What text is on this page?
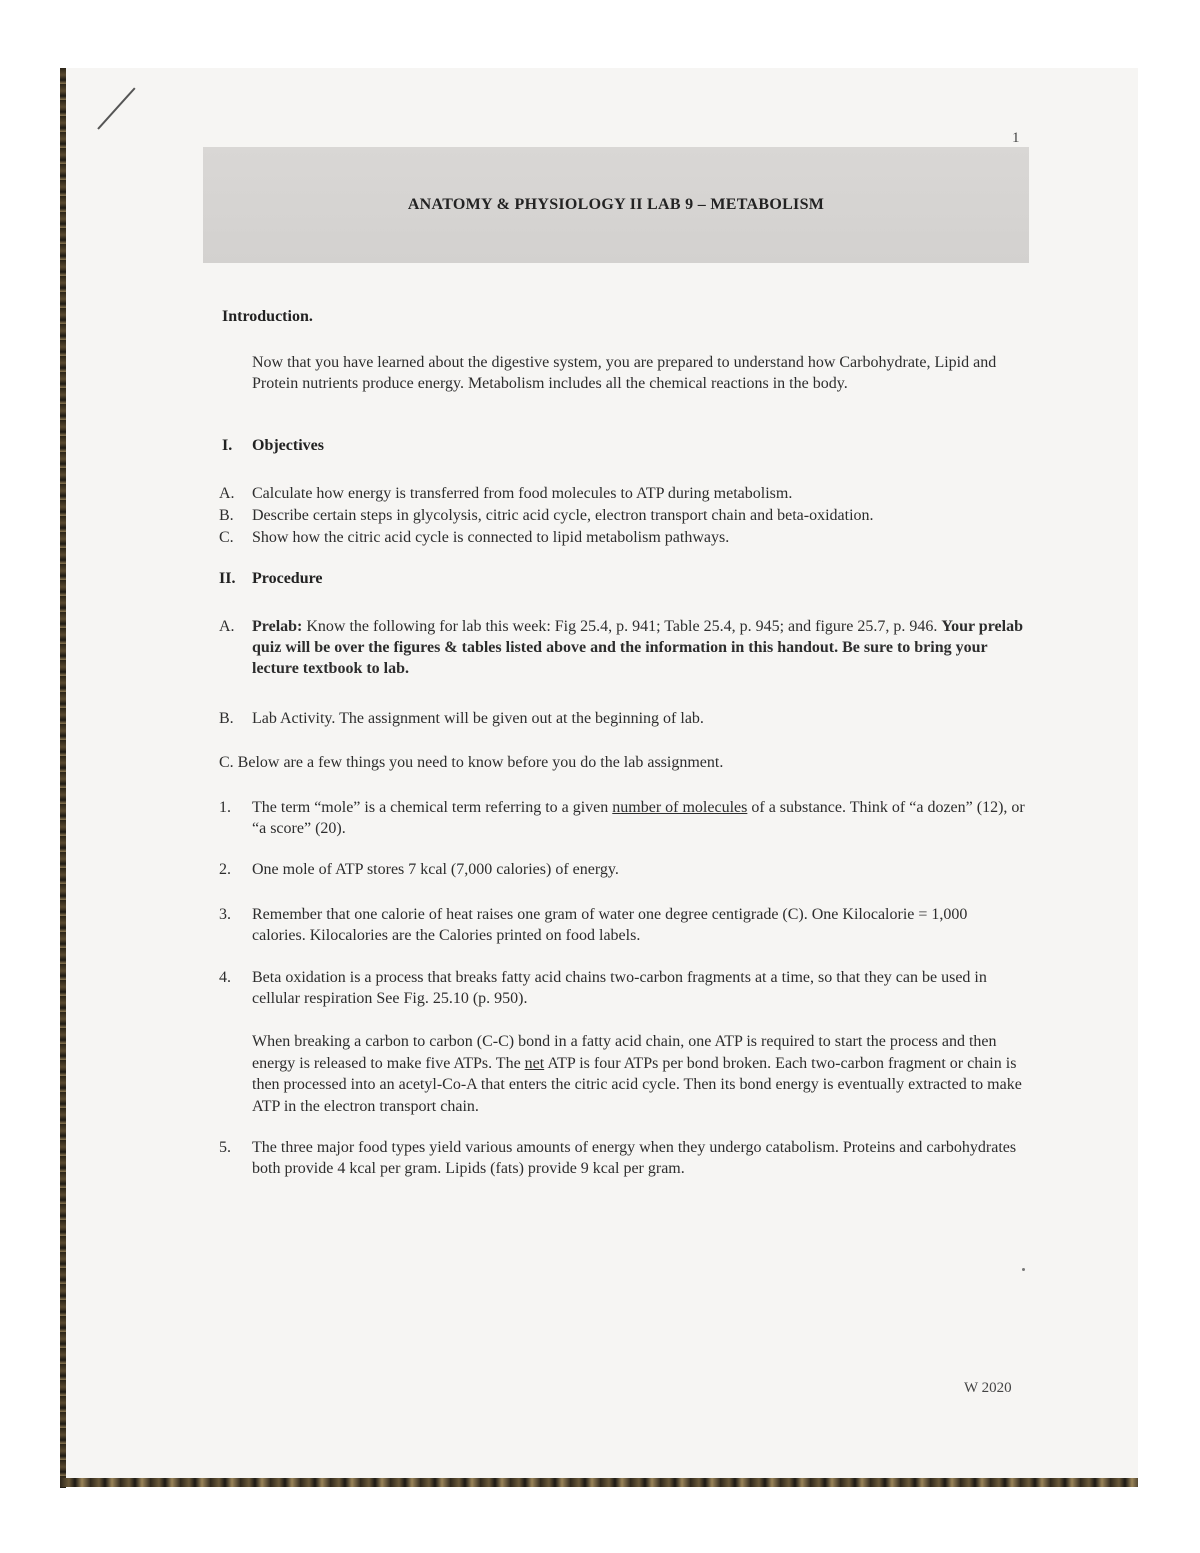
1
ANATOMY & PHYSIOLOGY II LAB 9 – METABOLISM
Introduction.
Now that you have learned about the digestive system, you are prepared to understand how Carbohydrate, Lipid and Protein nutrients produce energy. Metabolism includes all the chemical reactions in the body.
I.	Objectives
A.	Calculate how energy is transferred from food molecules to ATP during metabolism.
B.	Describe certain steps in glycolysis, citric acid cycle, electron transport chain and beta-oxidation.
C.	Show how the citric acid cycle is connected to lipid metabolism pathways.
II.	Procedure
A.	Prelab: Know the following for lab this week: Fig 25.4, p. 941; Table 25.4, p. 945; and figure 25.7, p. 946. Your prelab quiz will be over the figures & tables listed above and the information in this handout. Be sure to bring your lecture textbook to lab.
B.	Lab Activity. The assignment will be given out at the beginning of lab.
C. Below are a few things you need to know before you do the lab assignment.
1.	The term “mole” is a chemical term referring to a given number of molecules of a substance. Think of “a dozen” (12), or “a score” (20).
2.	One mole of ATP stores 7 kcal (7,000 calories) of energy.
3.	Remember that one calorie of heat raises one gram of water one degree centigrade (C). One Kilocalorie = 1,000 calories. Kilocalories are the Calories printed on food labels.
4.	Beta oxidation is a process that breaks fatty acid chains two-carbon fragments at a time, so that they can be used in cellular respiration See Fig. 25.10 (p. 950).
When breaking a carbon to carbon (C-C) bond in a fatty acid chain, one ATP is required to start the process and then energy is released to make five ATPs. The net ATP is four ATPs per bond broken. Each two-carbon fragment or chain is then processed into an acetyl-Co-A that enters the citric acid cycle. Then its bond energy is eventually extracted to make ATP in the electron transport chain.
5.	The three major food types yield various amounts of energy when they undergo catabolism. Proteins and carbohydrates both provide 4 kcal per gram. Lipids (fats) provide 9 kcal per gram.
W 2020
